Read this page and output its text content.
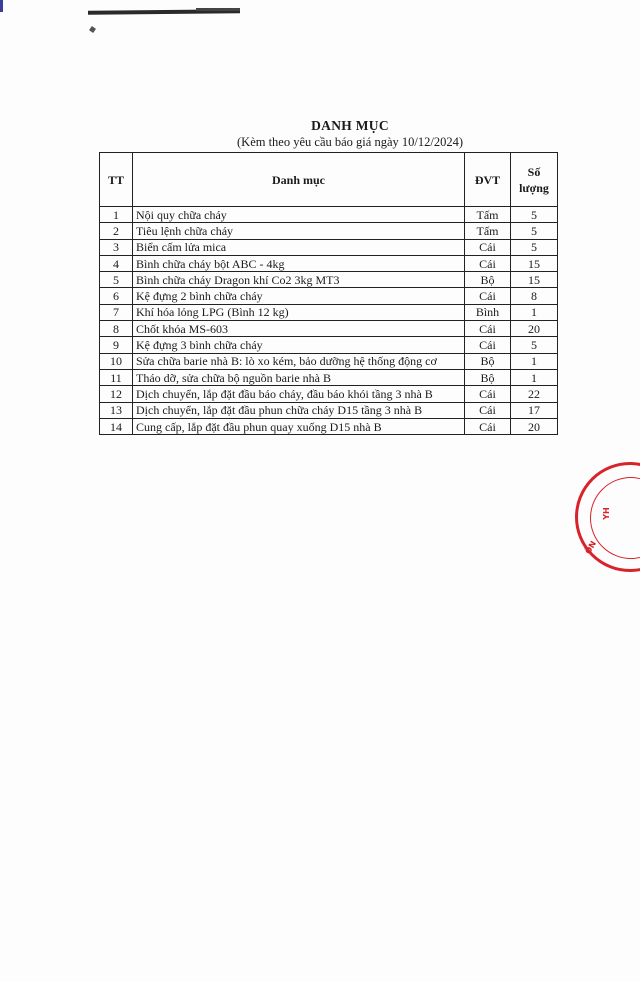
DANH MỤC
(Kèm theo yêu cầu báo giá ngày 10/12/2024)
TT	Danh mục	ĐVT	Số
lượng
1	Nội quy chữa cháy	Tấm	5
2	Tiêu lệnh chữa cháy	Tấm	5
3	Biển cấm lửa mica	Cái	5
4	Bình chữa cháy bột ABC - 4kg	Cái	15
5	Bình chữa cháy Dragon khí Co2 3kg MT3	Bộ	15
6	Kệ đựng 2 bình chữa cháy	Cái	8
7	Khí hóa lỏng LPG (Bình 12 kg)	Bình	1
8	Chốt khóa MS-603	Cái	20
9	Kệ đựng 3 bình chữa cháy	Cái	5
10	Sửa chữa barie nhà B: lò xo kém, bảo dưỡng hệ thống động cơ	Bộ	1
11	Tháo dỡ, sửa chữa bộ nguồn barie nhà B	Bộ	1
12	Dịch chuyển, lắp đặt đầu báo cháy, đầu báo khói tầng 3 nhà B	Cái	22
13	Dịch chuyển, lắp đặt đầu phun chữa cháy D15 tầng 3 nhà B	Cái	17
14	Cung cấp, lắp đặt đầu phun quay xuống D15 nhà B	Cái	20
ÔN
YH
